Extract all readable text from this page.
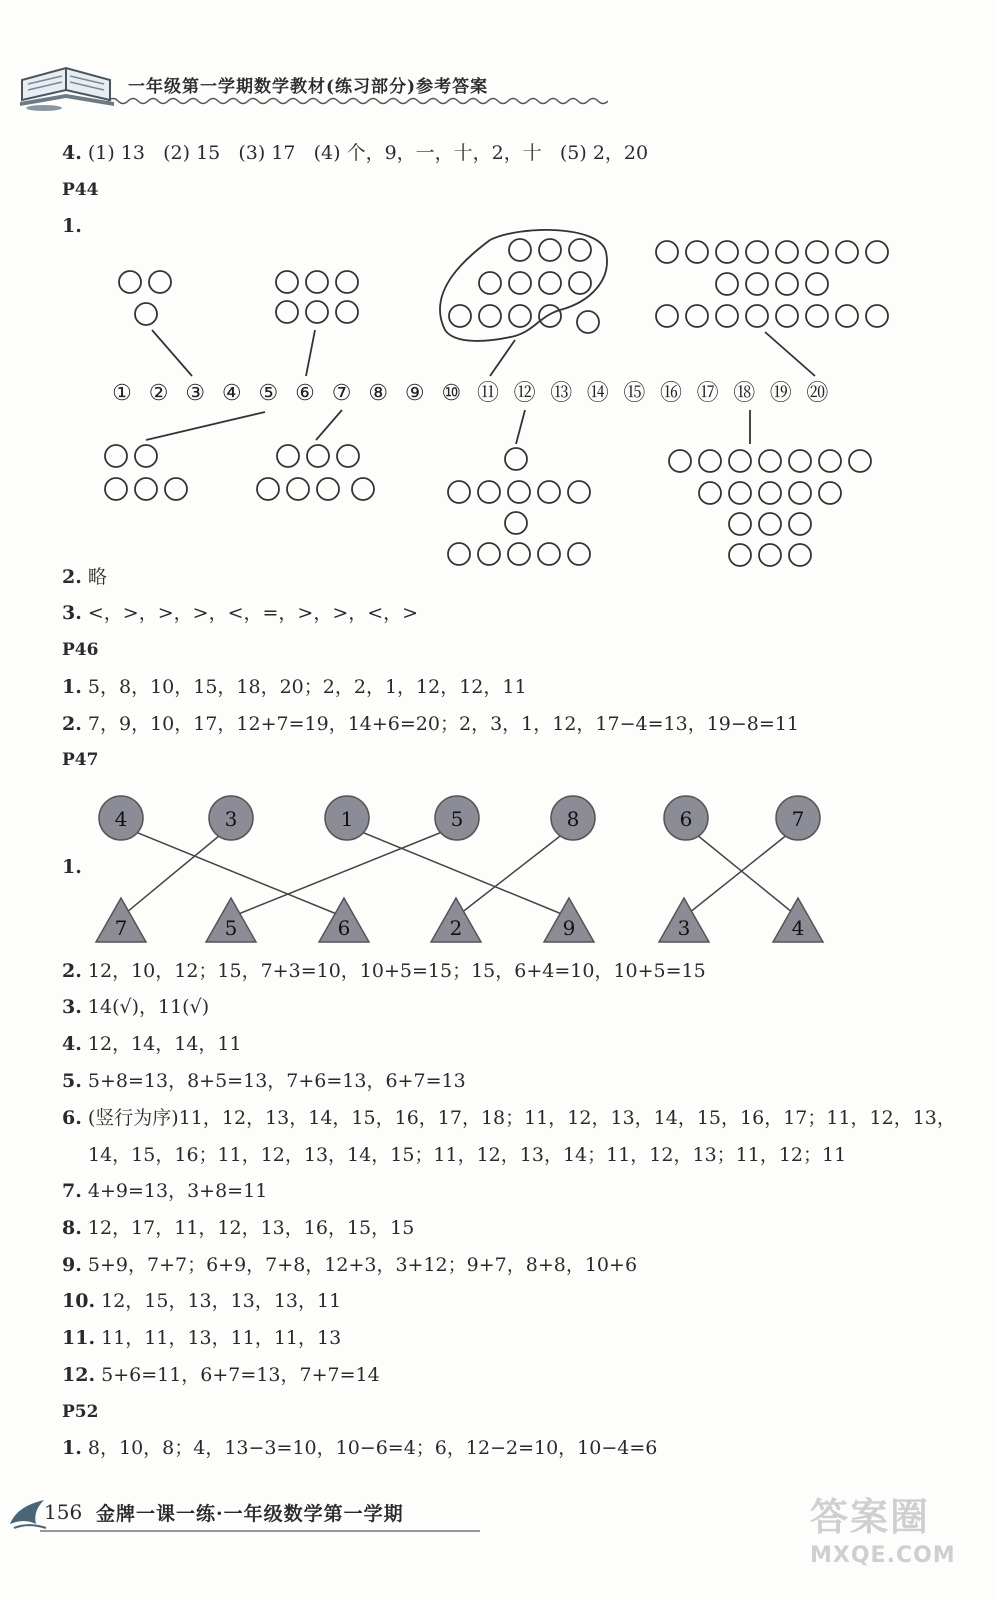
一年级第一学期数学教材(练习部分)参考答案
4. (1) 13   (2) 15   (3) 17   (4) 个，9，一，十，2，十   (5) 2，20
P44
1.
① ② ③ ④ ⑤ ⑥ ⑦ ⑧ ⑨ ⑩ ⑪ ⑫ ⑬ ⑭ ⑮ ⑯ ⑰ ⑱ ⑲ ⑳
2. 略
3. <，>，>，>，<，=，>，>，<，>
P46
1. 5，8，10，15，18，20；2，2，1，12，12，11
2. 7，9，10，17，12+7=19，14+6=20；2，3，1，12，17−4=13，19−8=11
P47
1.
4	3	1	5	8	6	7
7	5	6	2	9	3	4
2. 12，10，12；15，7+3=10，10+5=15；15，6+4=10，10+5=15
3. 14(√)，11(√)
4. 12，14，14，11
5. 5+8=13，8+5=13，7+6=13，6+7=13
6. (竖行为序)11，12，13，14，15，16，17，18；11，12，13，14，15，16，17；11，12，13，
14，15，16；11，12，13，14，15；11，12，13，14；11，12，13；11，12；11
7. 4+9=13，3+8=11
8. 12，17，11，12，13，16，15，15
9. 5+9，7+7；6+9，7+8，12+3，3+12；9+7，8+8，10+6
10. 12，15，13，13，13，11
11. 11，11，13，11，11，13
12. 5+6=11，6+7=13，7+7=14
P52
1. 8，10，8；4，13−3=10，10−6=4；6，12−2=10，10−4=6
156 金牌一课一练·一年级数学第一学期	答案圈
MXQE.COM
